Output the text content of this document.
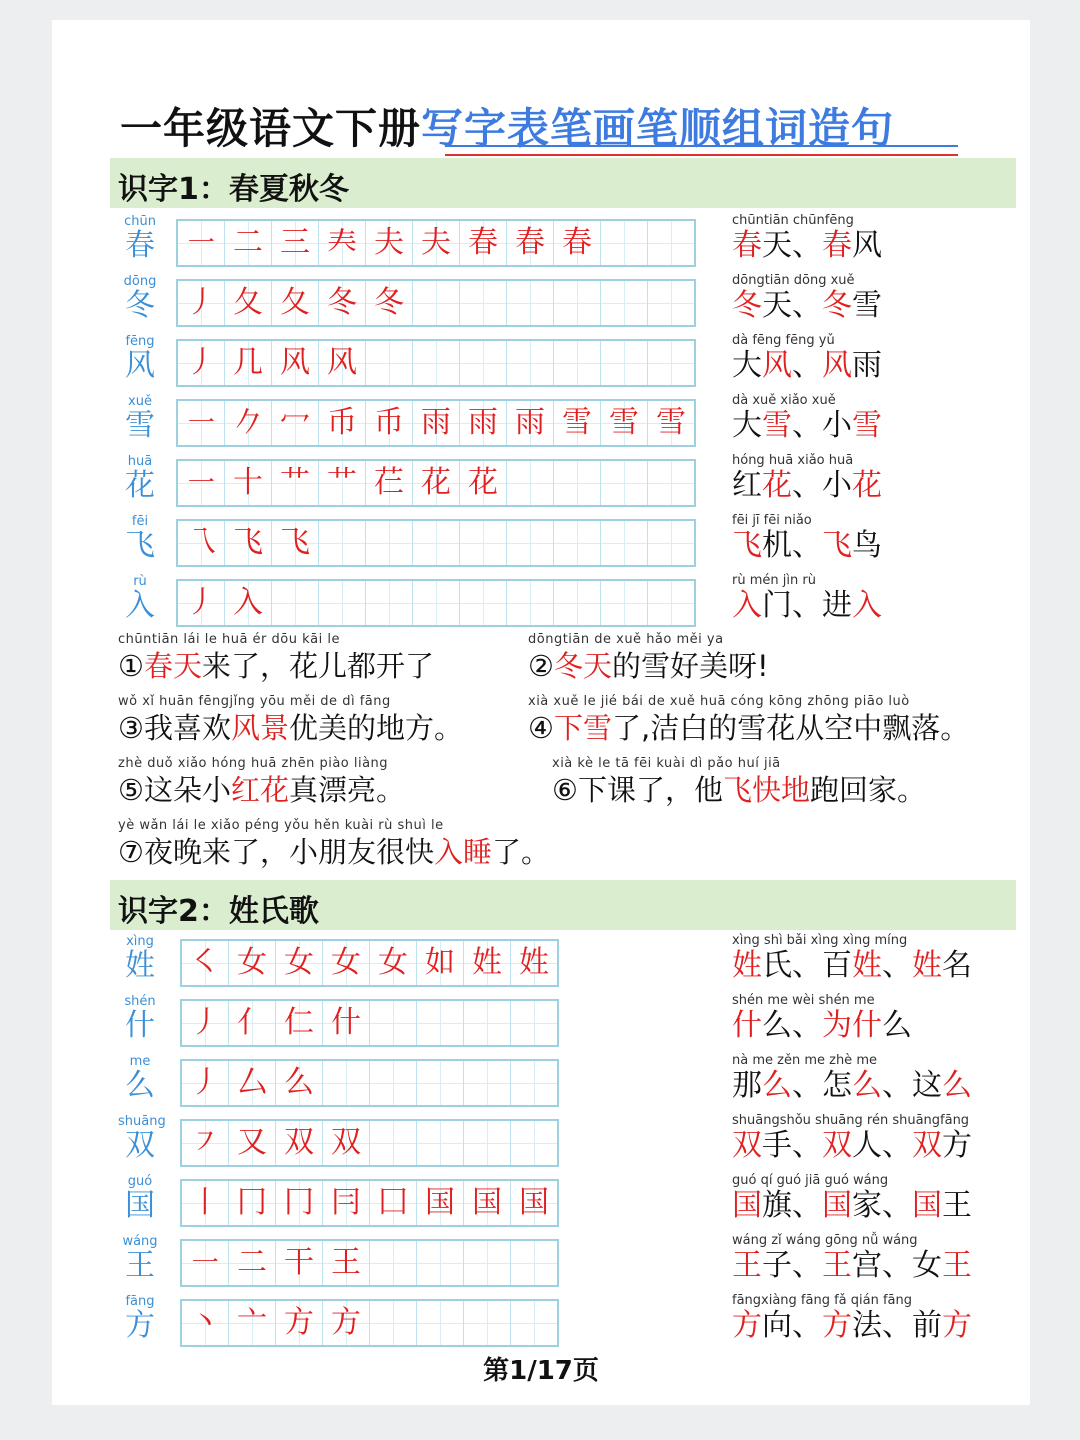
一年级语文下册写字表笔画笔顺组词造句
识字1：春夏秋冬
chūn
春 ㇐ 二 三 𡗗 夫 夫 春 春 春
chūntiān chūnfēng
春天、春风
dōng
冬 丿 夂 夂 冬 冬
dōngtiān dōng xuě
冬天、冬雪
fēng
风 丿 几 风 风
dà fēng fēng yǔ
大风、风雨
xuě
雪 ㇐ 𠂊 冖 币 币 雨 雨 雨 雪 雪 雪
dà xuě xiǎo xuě
大雪、小雪
huā
花 ㇐ 十 艹 艹 芢 花 花
hóng huā xiǎo huā
红花、小花
fēi
飞 乁 飞 飞
fēi jī fēi niǎo
飞机、飞鸟
rù
入 丿 入
rù mén jìn rù
入门、进入
chūntiān lái le huā ér dōu kāi le
①春天来了，花儿都开了
dōngtiān de xuě hǎo měi ya
②冬天的雪好美呀!
wǒ xǐ huān fēngjǐng yōu měi de dì fāng
③我喜欢风景优美的地方。
xià xuě le jié bái de xuě huā cóng kōng zhōng piāo luò
④下雪了,洁白的雪花从空中飘落。
zhè duǒ xiǎo hóng huā zhēn piào liàng
⑤这朵小红花真漂亮。
xià kè le tā fēi kuài dì pǎo huí jiā
⑥下课了，他飞快地跑回家。
yè wǎn lái le xiǎo péng yǒu hěn kuài rù shuì le
⑦夜晚来了，小朋友很快入睡了。
识字2：姓氏歌
xìng
姓 ㇛ 女 女 女 女 如 姓 姓
xìng shì bǎi xìng xìng míng
姓氏、百姓、姓名
shén
什 丿 亻 仁 什
shén me wèi shén me
什么、为什么
me
么 丿 厶 么
nà me zěn me zhè me
那么、怎么、这么
shuāng
双 ㇇ 又 双 双
shuāngshǒu shuāng rén shuāngfāng
双手、双人、双方
guó
国 丨 冂 冂 冃 囗 国 国 国
guó qí guó jiā guó wáng
国旗、国家、国王
wáng
王 ㇐ 二 干 王
wáng zǐ wáng gōng nǚ wáng
王子、王宫、女王
fāng
方 丶 亠 方 方
fāngxiàng fāng fǎ qián fāng
方向、方法、前方
第1/17页
